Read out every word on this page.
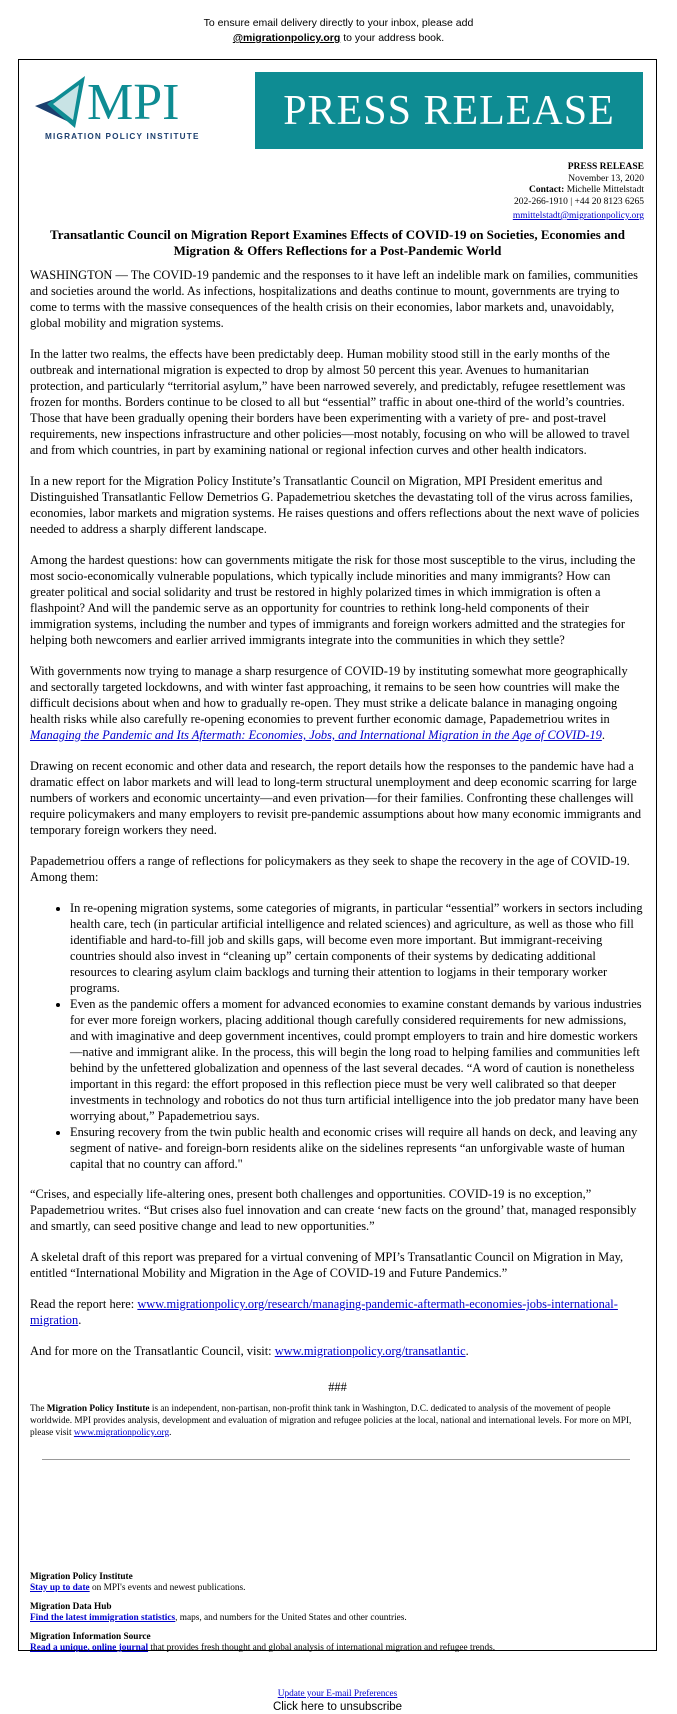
To ensure email delivery directly to your inbox, please add
@migrationpolicy.org to your address book.
MPI
MIGRATION POLICY INSTITUTE
PRESS RELEASE
PRESS RELEASE
November 13, 2020
Contact: Michelle Mittelstadt
202-266-1910 | +44 20 8123 6265
mmittelstadt@migrationpolicy.org
Transatlantic Council on Migration Report Examines Effects of COVID-19 on Societies, Economies and Migration & Offers Reflections for a Post-Pandemic World

WASHINGTON — The COVID-19 pandemic and the responses to it have left an indelible mark on families, communities and societies around the world. As infections, hospitalizations and deaths continue to mount, governments are trying to come to terms with the massive consequences of the health crisis on their economies, labor markets and, unavoidably, global mobility and migration systems.

In the latter two realms, the effects have been predictably deep. Human mobility stood still in the early months of the outbreak and international migration is expected to drop by almost 50 percent this year. Avenues to humanitarian protection, and particularly “territorial asylum,” have been narrowed severely, and predictably, refugee resettlement was frozen for months. Borders continue to be closed to all but “essential” traffic in about one-third of the world’s countries. Those that have been gradually opening their borders have been experimenting with a variety of pre- and post-travel requirements, new inspections infrastructure and other policies—most notably, focusing on who will be allowed to travel and from which countries, in part by examining national or regional infection curves and other health indicators.

In a new report for the Migration Policy Institute’s Transatlantic Council on Migration, MPI President emeritus and Distinguished Transatlantic Fellow Demetrios G. Papademetriou sketches the devastating toll of the virus across families, economies, labor markets and migration systems. He raises questions and offers reflections about the next wave of policies needed to address a sharply different landscape.

Among the hardest questions: how can governments mitigate the risk for those most susceptible to the virus, including the most socio-economically vulnerable populations, which typically include minorities and many immigrants? How can greater political and social solidarity and trust be restored in highly polarized times in which immigration is often a flashpoint? And will the pandemic serve as an opportunity for countries to rethink long-held components of their immigration systems, including the number and types of immigrants and foreign workers admitted and the strategies for helping both newcomers and earlier arrived immigrants integrate into the communities in which they settle?

With governments now trying to manage a sharp resurgence of COVID-19 by instituting somewhat more geographically and sectorally targeted lockdowns, and with winter fast approaching, it remains to be seen how countries will make the difficult decisions about when and how to gradually re-open. They must strike a delicate balance in managing ongoing health risks while also carefully re-opening economies to prevent further economic damage, Papademetriou writes in Managing the Pandemic and Its Aftermath: Economies, Jobs, and International Migration in the Age of COVID-19.

Drawing on recent economic and other data and research, the report details how the responses to the pandemic have had a dramatic effect on labor markets and will lead to long-term structural unemployment and deep economic scarring for large numbers of workers and economic uncertainty—and even privation—for their families. Confronting these challenges will require policymakers and many employers to revisit pre-pandemic assumptions about how many economic immigrants and temporary foreign workers they need.

Papademetriou offers a range of reflections for policymakers as they seek to shape the recovery in the age of COVID-19. Among them:

• In re-opening migration systems, some categories of migrants, in particular “essential” workers in sectors including health care, tech (in particular artificial intelligence and related sciences) and agriculture, as well as those who fill identifiable and hard-to-fill job and skills gaps, will become even more important. But immigrant-receiving countries should also invest in “cleaning up” certain components of their systems by dedicating additional resources to clearing asylum claim backlogs and turning their attention to logjams in their temporary worker programs.
• Even as the pandemic offers a moment for advanced economies to examine constant demands by various industries for ever more foreign workers, placing additional though carefully considered requirements for new admissions, and with imaginative and deep government incentives, could prompt employers to train and hire domestic workers—native and immigrant alike. In the process, this will begin the long road to helping families and communities left behind by the unfettered globalization and openness of the last several decades. “A word of caution is nonetheless important in this regard: the effort proposed in this reflection piece must be very well calibrated so that deeper investments in technology and robotics do not thus turn artificial intelligence into the job predator many have been worrying about,” Papademetriou says.
• Ensuring recovery from the twin public health and economic crises will require all hands on deck, and leaving any segment of native- and foreign-born residents alike on the sidelines represents “an unforgivable waste of human capital that no country can afford."

“Crises, and especially life-altering ones, present both challenges and opportunities. COVID-19 is no exception,” Papademetriou writes. “But crises also fuel innovation and can create ‘new facts on the ground’ that, managed responsibly and smartly, can seed positive change and lead to new opportunities.”

A skeletal draft of this report was prepared for a virtual convening of MPI’s Transatlantic Council on Migration in May, entitled “International Mobility and Migration in the Age of COVID-19 and Future Pandemics.”

Read the report here: www.migrationpolicy.org/research/managing-pandemic-aftermath-economies-jobs-international-migration.

And for more on the Transatlantic Council, visit: www.migrationpolicy.org/transatlantic.

###
The Migration Policy Institute is an independent, non-partisan, non-profit think tank in Washington, D.C. dedicated to analysis of the movement of people worldwide. MPI provides analysis, development and evaluation of migration and refugee policies at the local, national and international levels. For more on MPI, please visit www.migrationpolicy.org.
Migration Policy Institute
Stay up to date on MPI's events and newest publications.
Migration Data Hub
Find the latest immigration statistics, maps, and numbers for the United States and other countries.
Migration Information Source
Read a unique, online journal that provides fresh thought and global analysis of international migration and refugee trends.
Update your E-mail Preferences
Click here to unsubscribe
